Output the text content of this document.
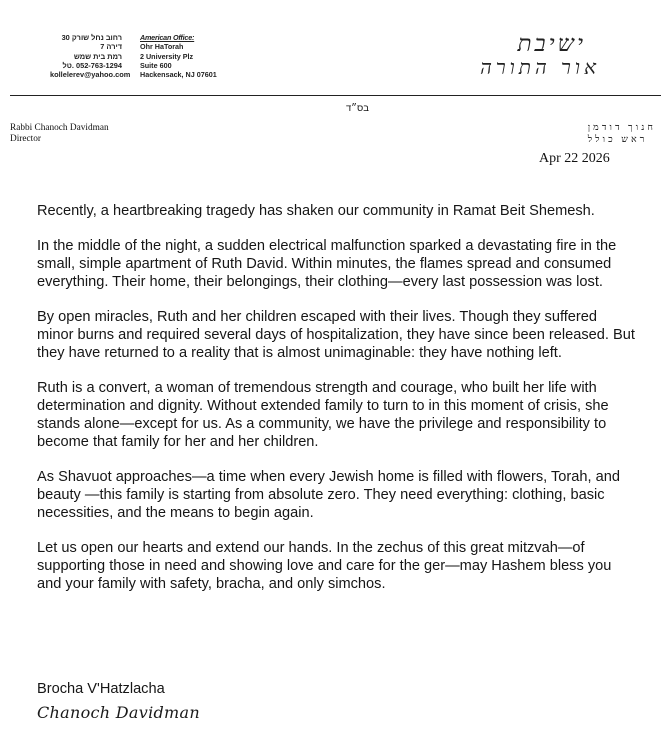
רחוב נחל שורק 30
דירה 7
רמת בית שמש
052-763-1294 .טל
kollelerev@yahoo.com
American Office:
Ohr HaTorah
2 University Plz
Suite 600
Hackensack, NJ 07601
ישיבת
אור התורה
בס״ד
Rabbi Chanoch Davidman
Director
חנוך דודמן
ראש כולל
Apr 22 2026

Recently, a heartbreaking tragedy has shaken our community in Ramat Beit Shemesh.

In the middle of the night, a sudden electrical malfunction sparked a devastating fire in the small, simple apartment of Ruth David. Within minutes, the flames spread and consumed everything. Their home, their belongings, their clothing—every last possession was lost.

By open miracles, Ruth and her children escaped with their lives. Though they suffered minor burns and required several days of hospitalization, they have since been released. But they have returned to a reality that is almost unimaginable: they have nothing left.

Ruth is a convert, a woman of tremendous strength and courage, who built her life with determination and dignity. Without extended family to turn to in this moment of crisis, she stands alone—except for us. As a community, we have the privilege and responsibility to become that family for her and her children.

As Shavuot approaches—a time when every Jewish home is filled with flowers, Torah, and beauty —this family is starting from absolute zero. They need everything: clothing, basic necessities, and the means to begin again.

Let us open our hearts and extend our hands. In the zechus of this great mitzvah—of supporting those in need and showing love and care for the ger—may Hashem bless you and your family with safety, bracha, and only simchos.

Brocha V'Hatzlacha
Chanoch Davidman
